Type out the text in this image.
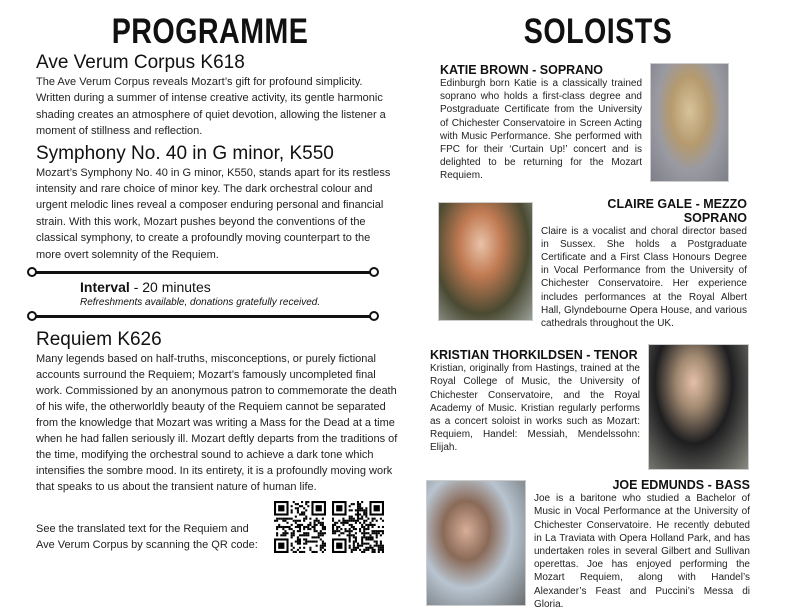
PROGRAMME
Ave Verum Corpus K618
The Ave Verum Corpus reveals Mozart’s gift for profound simplicity. Written during a summer of intense creative activity, its gentle harmonic shading creates an atmosphere of quiet devotion, allowing the listener a moment of stillness and reflection.
Symphony No. 40 in G minor, K550
Mozart’s Symphony No. 40 in G minor, K550, stands apart for its restless intensity and rare choice of minor key. The dark orchestral colour and urgent melodic lines reveal a composer enduring personal and financial strain. With this work, Mozart pushes beyond the conventions of the classical symphony, to create a profoundly moving counterpart to the more overt solemnity of the Requiem.
Interval - 20 minutes
Refreshments available, donations gratefully received.
Requiem K626
Many legends based on half-truths, misconceptions, or purely fictional accounts surround the Requiem; Mozart’s famously uncompleted final work. Commissioned by an anonymous patron to commemorate the death of his wife, the otherworldly beauty of the Requiem cannot be separated from the knowledge that Mozart was writing a Mass for the Dead at a time when he had fallen seriously ill. Mozart deftly departs from the traditions of the time, modifying the orchestral sound to achieve a dark tone which intensifies the sombre mood. In its entirety, it is a profoundly moving work that speaks to us about the transient nature of human life.
See the translated text for the Requiem and Ave Verum Corpus by scanning the QR code:
SOLOISTS
KATIE BROWN - SOPRANO
Edinburgh born Katie is a classically trained soprano who holds a first-class degree and Postgraduate Certificate from the University of Chichester Conservatoire in Screen Acting with Music Performance. She performed with FPC for their ‘Curtain Up!’ concert and is delighted to be returning for the Mozart Requiem.
CLAIRE GALE - MEZZO SOPRANO
Claire is a vocalist and choral director based in Sussex. She holds a Postgraduate Certificate and a First Class Honours Degree in Vocal Performance from the University of Chichester Conservatoire. Her experience includes performances at the Royal Albert Hall, Glyndebourne Opera House, and various cathedrals throughout the UK.
KRISTIAN THORKILDSEN - TENOR
Kristian, originally from Hastings, trained at the Royal College of Music, the University of Chichester Conservatoire, and the Royal Academy of Music. Kristian regularly performs as a concert soloist in works such as Mozart: Requiem, Handel: Messiah, Mendelssohn: Elijah.
JOE EDMUNDS - BASS
Joe is a baritone who studied a Bachelor of Music in Vocal Performance at the University of Chichester Conservatoire. He recently debuted in La Traviata with Opera Holland Park, and has undertaken roles in several Gilbert and Sullivan operettas. Joe has enjoyed performing the Mozart Requiem, along with Handel’s Alexander’s Feast and Puccini’s Messa di Gloria.
